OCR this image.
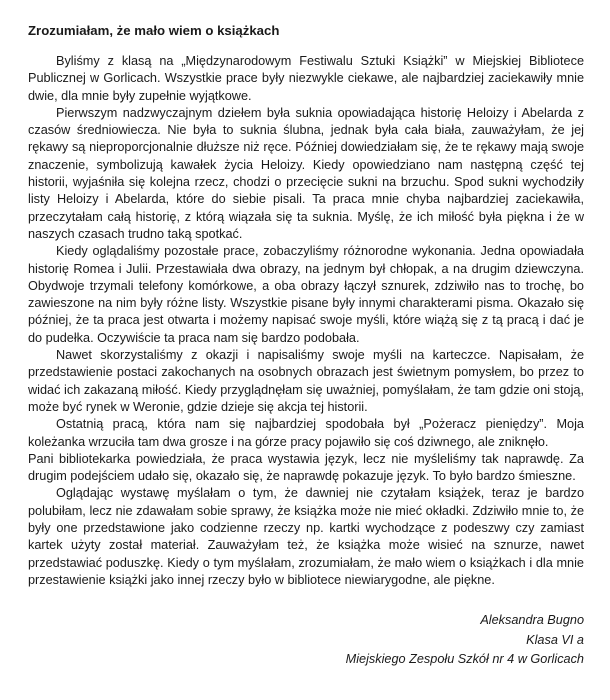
Zrozumiałam, że mało wiem o książkach

Byliśmy z klasą na „Międzynarodowym Festiwalu Sztuki Książki” w Miejskiej Bibliotece Publicznej w Gorlicach. Wszystkie prace były niezwykle ciekawe, ale najbardziej zaciekawiły mnie dwie, dla mnie były zupełnie wyjątkowe.

Pierwszym nadzwyczajnym dziełem była suknia opowiadająca historię Heloizy i Abelarda z czasów średniowiecza. Nie była to suknia ślubna, jednak była cała biała, zauważyłam, że jej rękawy są nieproporcjonalnie dłuższe niż ręce. Później dowiedziałam się, że te rękawy mają swoje znaczenie, symbolizują kawałek życia Heloizy. Kiedy opowiedziano nam następną część tej historii, wyjaśniła się kolejna rzecz, chodzi o przecięcie sukni na brzuchu. Spod sukni wychodziły listy Heloizy i Abelarda, które do siebie pisali. Ta praca mnie chyba najbardziej zaciekawiła, przeczytałam całą historię, z którą wiązała się ta suknia. Myślę, że ich miłość była piękna i że w naszych czasach trudno taką spotkać.

Kiedy oglądaliśmy pozostałe prace, zobaczyliśmy różnorodne wykonania. Jedna opowiadała historię Romea i Julii. Przestawiała dwa obrazy, na jednym był chłopak, a na drugim dziewczyna. Obydwoje trzymali telefony komórkowe, a oba obrazy łączył sznurek, zdziwiło nas to trochę, bo zawieszone na nim były różne listy. Wszystkie pisane były innymi charakterami pisma. Okazało się później, że ta praca jest otwarta i możemy napisać swoje myśli, które wiążą się z tą pracą i dać je do pudełka. Oczywiście ta praca nam się bardzo podobała.

Nawet skorzystaliśmy z okazji i napisaliśmy swoje myśli na karteczce. Napisałam, że przedstawienie postaci zakochanych na osobnych obrazach jest świetnym pomysłem, bo przez to widać ich zakazaną miłość. Kiedy przyglądnęłam się uważniej, pomyślałam, że tam gdzie oni stoją, może być rynek w Weronie, gdzie dzieje się akcja tej historii.

Ostatnią pracą, która nam się najbardziej spodobała był „Pożeracz pieniędzy”. Moja koleżanka wrzuciła tam dwa grosze i na górze pracy pojawiło się coś dziwnego, ale zniknęło.

Pani bibliotekarka powiedziała, że praca wystawia język, lecz nie myśleliśmy tak naprawdę. Za drugim podejściem udało się, okazało się, że naprawdę pokazuje język. To było bardzo śmieszne.

Oglądając wystawę myślałam o tym, że dawniej nie czytałam książek, teraz je bardzo polubiłam, lecz nie zdawałam sobie sprawy, że książka może nie mieć okładki. Zdziwiło mnie to, że były one przedstawione jako codzienne rzeczy np. kartki wychodzące z podeszwy czy zamiast kartek użyty został materiał. Zauważyłam też, że książka może wisieć na sznurze, nawet przedstawiać poduszkę. Kiedy o tym myślałam, zrozumiałam, że mało wiem o książkach i dla mnie przestawienie książki jako innej rzeczy było w bibliotece niewiarygodne, ale piękne.

Aleksandra Bugno
Klasa VI a
Miejskiego Zespołu Szkół nr 4 w Gorlicach
